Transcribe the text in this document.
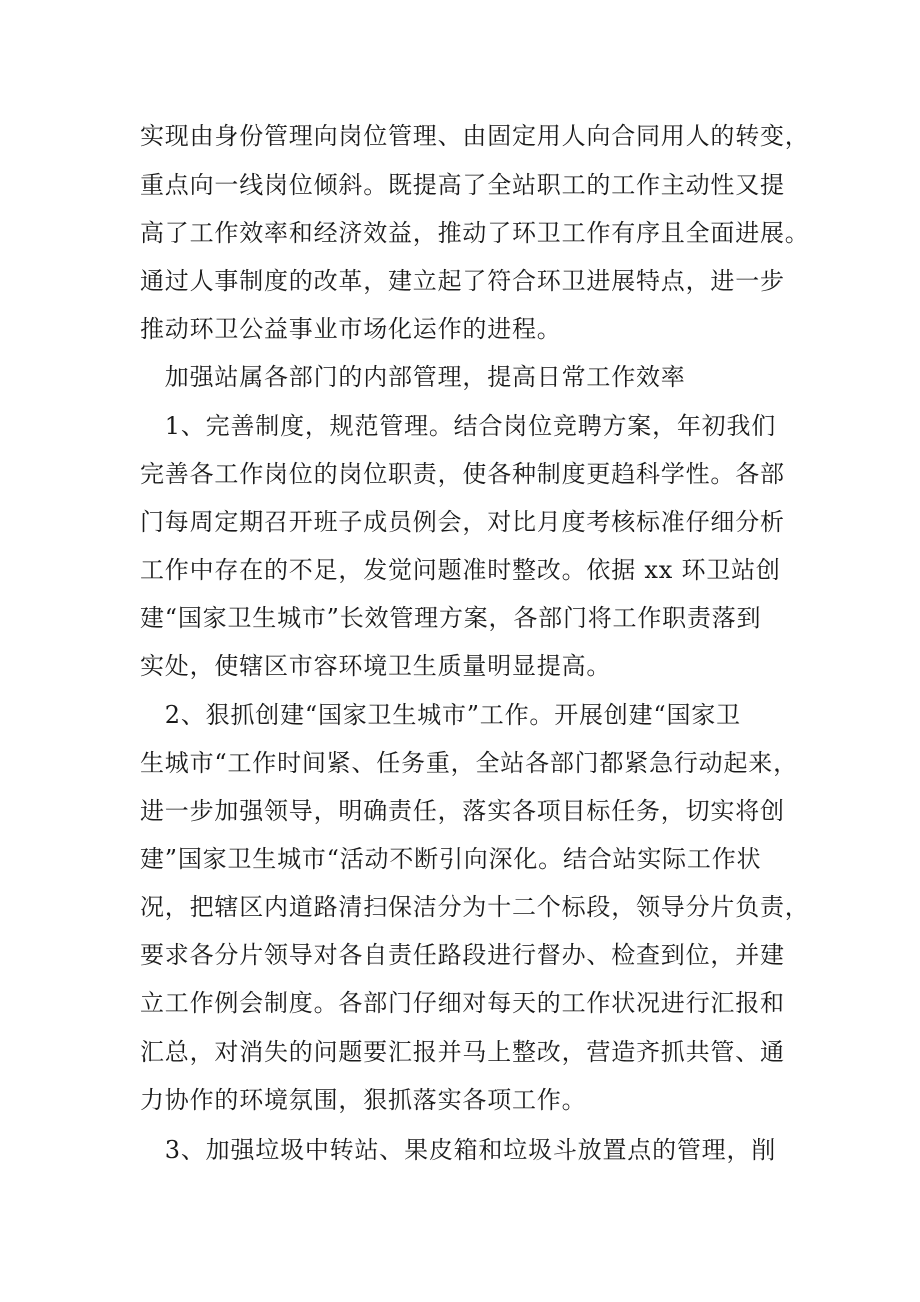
实现由身份管理向岗位管理、由固定用人向合同用人的转变，

重点向一线岗位倾斜。既提高了全站职工的工作主动性又提

高了工作效率和经济效益，推动了环卫工作有序且全面进展。

通过人事制度的改革，建立起了符合环卫进展特点，进一步

推动环卫公益事业市场化运作的进程。

　加强站属各部门的内部管理，提高日常工作效率

　1、完善制度，规范管理。结合岗位竞聘方案，年初我们

完善各工作岗位的岗位职责，使各种制度更趋科学性。各部

门每周定期召开班子成员例会，对比月度考核标准仔细分析

工作中存在的不足，发觉问题准时整改。依据 xx 环卫站创

建“国家卫生城市”长效管理方案，各部门将工作职责落到

实处，使辖区市容环境卫生质量明显提高。

　2、狠抓创建“国家卫生城市”工作。开展创建“国家卫

生城市“工作时间紧、任务重，全站各部门都紧急行动起来，

进一步加强领导，明确责任，落实各项目标任务，切实将创

建”国家卫生城市“活动不断引向深化。结合站实际工作状

况，把辖区内道路清扫保洁分为十二个标段，领导分片负责，

要求各分片领导对各自责任路段进行督办、检查到位，并建

立工作例会制度。各部门仔细对每天的工作状况进行汇报和

汇总，对消失的问题要汇报并马上整改，营造齐抓共管、通

力协作的环境氛围，狠抓落实各项工作。

　3、加强垃圾中转站、果皮箱和垃圾斗放置点的管理，削
